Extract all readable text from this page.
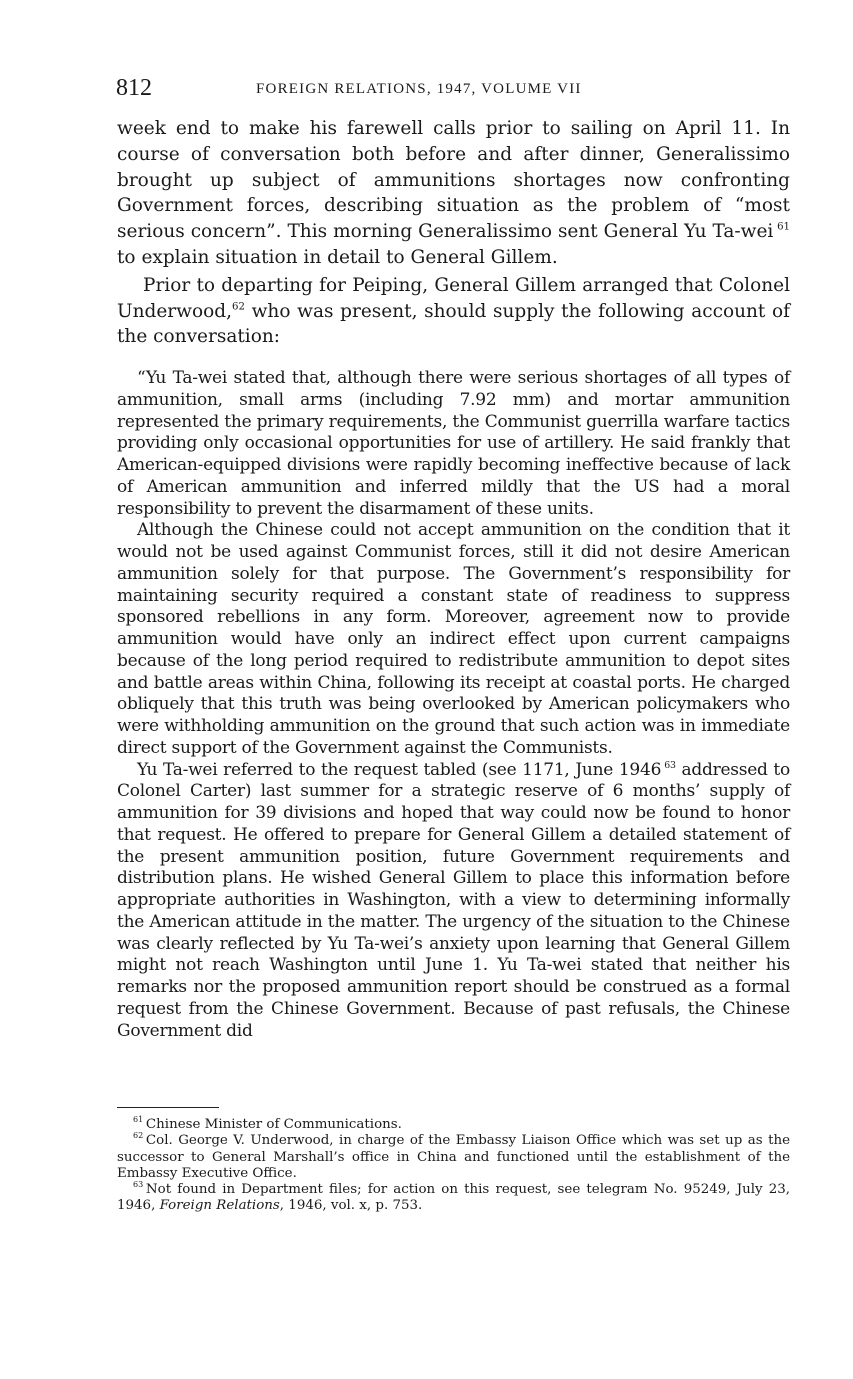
812	FOREIGN RELATIONS, 1947, VOLUME VII

week end to make his farewell calls prior to sailing on April 11. In course of conversation both before and after dinner, Generalissimo brought up subject of ammunitions shortages now confronting Government forces, describing situation as the problem of “most serious concern”. This morning Generalissimo sent General Yu Ta-wei  $^{61}$ to explain situation in detail to General Gillem.

Prior to departing for Peiping, General Gillem arranged that Colonel Underwood,$^{62}$ who was present, should supply the following account of the conversation:

“Yu Ta-wei stated that, although there were serious shortages of all types of ammunition, small arms (including 7.92 mm) and mortar ammunition represented the primary requirements, the Communist guerrilla warfare tactics providing only occasional opportunities for use of artillery. He said frankly that American-equipped divisions were rapidly becoming ineffective because of lack of American ammunition and inferred mildly that the US had a moral responsibility to prevent the disarmament of these units.

Although the Chinese could not accept ammunition on the condition that it would not be used against Communist forces, still it did not desire American ammunition solely for that purpose. The Government’s responsibility for maintaining security required a constant state of readiness to suppress sponsored rebellions in any form. Moreover, agreement now to provide ammunition would have only an indirect effect upon current campaigns because of the long period required to redistribute ammunition to depot sites and battle areas within China, following its receipt at coastal ports. He charged obliquely that this truth was being overlooked by American policymakers who were withholding ammunition on the ground that such action was in immediate direct support of the Government against the Communists.

Yu Ta-wei referred to the request tabled (see 1171, June 1946  $^{63}$ addressed to Colonel Carter) last summer for a strategic reserve of 6 months’ supply of ammunition for 39 divisions and hoped that way could now be found to honor that request. He offered to prepare for General Gillem a detailed statement of the present ammunition position, future Government requirements and distribution plans. He wished General Gillem to place this information before appropriate authorities in Washington, with a view to determining informally the American attitude in the matter. The urgency of the situation to the Chinese was clearly reflected by Yu Ta-wei’s anxiety upon learning that General Gillem might not reach Washington until June 1. Yu Ta-wei stated that neither his remarks nor the proposed ammunition report should be construed as a formal request from the Chinese Government. Because of past refusals, the Chinese Government did

$^{61}$  Chinese Minister of Communications.

$^{62}$  Col. George V. Underwood, in charge of the Embassy Liaison Office which was set up as the successor to General Marshall’s office in China and functioned until the establishment of the Embassy Executive Office.

$^{63}$  Not found in Department files; for action on this request, see telegram No. 95249, July 23, 1946, Foreign Relations, 1946, vol. x, p. 753.
